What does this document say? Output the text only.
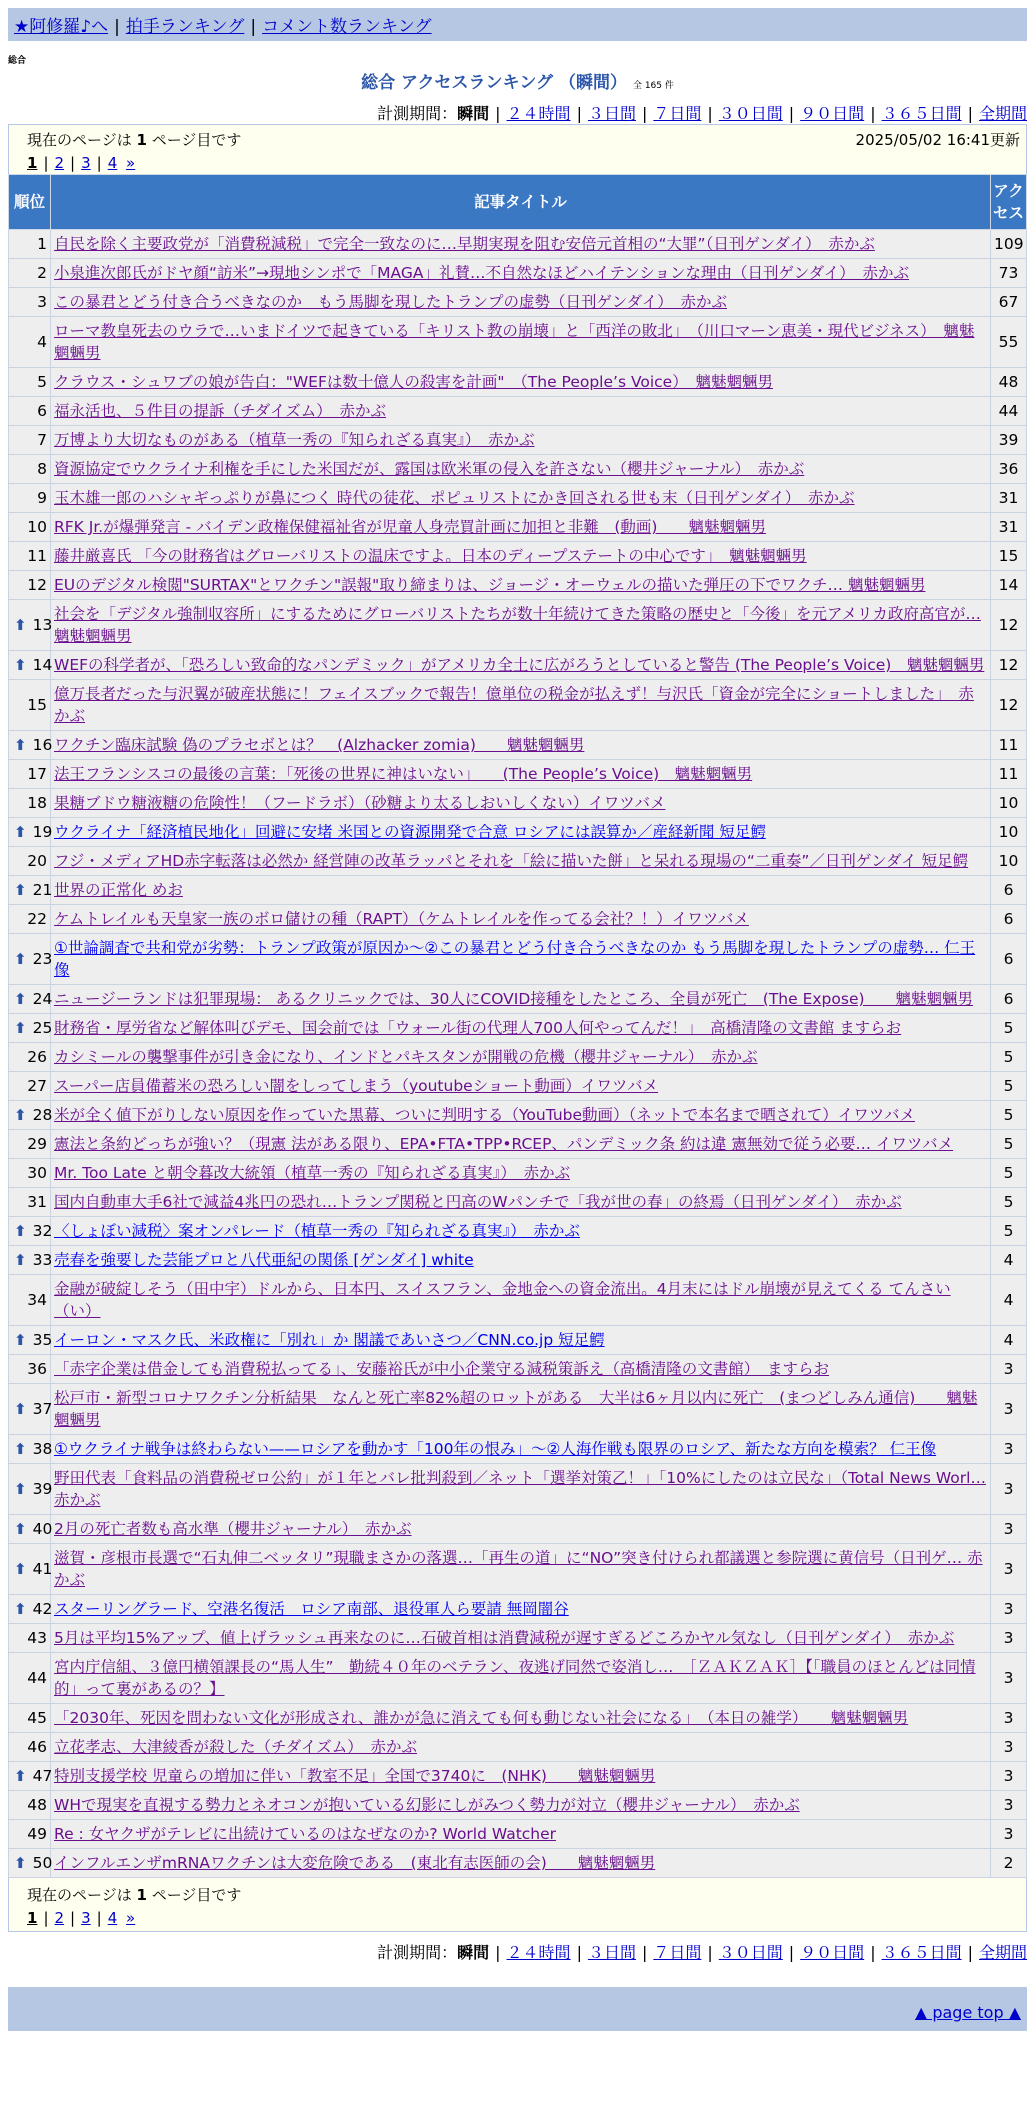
★阿修羅♪へ | 拍手ランキング | コメント数ランキング
総合
総合 アクセスランキング （瞬間） 全 165 件
計測期間：瞬間 | ２４時間 | ３日間 | ７日間 | ３０日間 | ９０日間 | ３６５日間 | 全期間
現在のページは 1 ページ目です	2025/05/02 16:41更新
1 | 2 | 3 | 4 »
順位	記事タイトル	アクセス
1	自民を除く主要政党が「消費税減税」で完全一致なのに…早期実現を阻む安倍元首相の“大罪”（日刊ゲンダイ）　赤かぶ	109
2	小泉進次郎氏がドヤ顔“訪米”→現地シンポで「MAGA」礼賛…不自然なほどハイテンションな理由（日刊ゲンダイ）　赤かぶ	73
3	この暴君とどう付き合うべきなのか　もう馬脚を現したトランプの虚勢（日刊ゲンダイ）　赤かぶ	67
4	ローマ教皇死去のウラで…いまドイツで起きている「キリスト教の崩壊」と「西洋の敗北」　（川口マーン恵美・現代ビジネス）　魑魅魍魎男	55
5	クラウス・シュワブの娘が告白："WEFは数十億人の殺害を計画"　（The People’s Voice）　魑魅魍魎男	48
6	福永活也、５件目の提訴（チダイズム）　赤かぶ	44
7	万博より大切なものがある（植草一秀の『知られざる真実』）　赤かぶ	39
8	資源協定でウクライナ利権を手にした米国だが、露国は欧米軍の侵入を許さない（櫻井ジャーナル）　赤かぶ	36
9	玉木雄一郎のハシャギっぷりが鼻につく 時代の徒花、ポピュリストにかき回される世も末（日刊ゲンダイ）　赤かぶ	31
10	RFK Jr.が爆弾発言 - バイデン政権保健福祉省が児童人身売買計画に加担と非難　(動画)　　魑魅魍魎男	31
11	藤井厳喜氏 「今の財務省はグローバリストの温床ですよ。日本のディープステートの中心です」　魑魅魍魎男	15
12	EUのデジタル検閲"SURTAX"とワクチン"誤報"取り締まりは、ジョージ・オーウェルの描いた弾圧の下でワクチ… 魑魅魍魎男	14

⬆ 13	社会を「デジタル強制収容所」にするためにグローバリストたちが数十年続けてきた策略の歴史と「今後」を元アメリカ政府高官が… 魑魅魍魎男	12

⬆ 14	WEFの科学者が、「恐ろしい致命的なパンデミック」がアメリカ全土に広がろうとしていると警告 (The People’s Voice)　魑魅魍魎男	12
15	億万長者だった与沢翼が破産状態に！フェイスブックで報告！億単位の税金が払えず！与沢氏「資金が完全にショートしました」　赤かぶ	12

⬆ 16	ワクチン臨床試験 偽のプラセボとは？　(Alzhacker zomia)　　魑魅魍魎男	11
17	法王フランシスコの最後の言葉：「死後の世界に神はいない」　　(The People’s Voice)　魑魅魍魎男	11
18	果糖ブドウ糖液糖の危険性！（フードラボ）（砂糖より太るしおいしくない）イワツバメ	10

⬆ 19	ウクライナ「経済植民地化」回避に安堵 米国との資源開発で合意 ロシアには誤算か／産経新聞 短足鰐	10
20	フジ・メディアHD赤字転落は必然か 経営陣の改革ラッパとそれを「絵に描いた餅」と呆れる現場の“二重奏”／日刊ゲンダイ 短足鰐	10

⬆ 21	世界の正常化 めお	6
22	ケムトレイルも天皇家一族のボロ儲けの種（RAPT）（ケムトレイルを作ってる会社？！）イワツバメ	6

⬆ 23	①世論調査で共和党が劣勢：トランプ政策が原因か～②この暴君とどう付き合うべきなのか もう馬脚を現したトランプの虚勢… 仁王像	6

⬆ 24	ニュージーランドは犯罪現場： あるクリニックでは、30人にCOVID接種をしたところ、全員が死亡　(The Expose)　　魑魅魍魎男	6

⬆ 25	財務省・厚労省など解体叫びデモ、国会前では「ウォール街の代理人700人何やってんだ！」　高橋清隆の文書館 ますらお	5
26	カシミールの襲撃事件が引き金になり、インドとパキスタンが開戦の危機（櫻井ジャーナル）　赤かぶ	5
27	スーパー店員備蓄米の恐ろしい闇をしってしまう（youtubeショート動画）イワツバメ	5

⬆ 28	米が全く値下がりしない原因を作っていた黒幕、ついに判明する（YouTube動画）（ネットで本名まで晒されて）イワツバメ	5
29	憲法と条約どっちが強い？（現憲 法がある限り、EPA•FTA•TPP•RCEP、パンデミック条 約は違 憲無効で従う必要… イワツバメ	5
30	Mr. Too Late と朝令暮改大統領（植草一秀の『知られざる真実』）　赤かぶ	5
31	国内自動車大手6社で減益4兆円の恐れ…トランプ関税と円高のWパンチで「我が世の春」の終焉（日刊ゲンダイ）　赤かぶ	5

⬆ 32	〈しょぼい減税〉案オンパレード（植草一秀の『知られざる真実』）　赤かぶ	5

⬆ 33	売春を強要した芸能プロと八代亜紀の関係 [ゲンダイ] white	4
34	金融が破綻しそう（田中宇）ドルから、日本円、スイスフラン、金地金への資金流出。4月末にはドル崩壊が見えてくる てんさい（い）	4

⬆ 35	イーロン・マスク氏、米政権に「別れ」か 閣議であいさつ／CNN.co.jp 短足鰐	4
36	「赤字企業は借金しても消費税払ってる」、安藤裕氏が中小企業守る減税策訴え（高橋清隆の文書館）　ますらお	3

⬆ 37	松戸市・新型コロナワクチン分析結果　なんと死亡率82%超のロットがある　大半は6ヶ月以内に死亡　(まつどしみん通信)　　魑魅魍魎男	3

⬆ 38	①ウクライナ戦争は終わらない——ロシアを動かす「100年の恨み」～②人海作戦も限界のロシア、新たな方向を模索？ 仁王像	3

⬆ 39	野田代表「食料品の消費税ゼロ公約」が１年とバレ批判殺到／ネット「選挙対策乙！」「10%にしたのは立民な」（Total News Worl… 赤かぶ	3

⬆ 40	2月の死亡者数も高水準（櫻井ジャーナル）　赤かぶ	3

⬆ 41	滋賀・彦根市長選で“石丸伸二ベッタリ”現職まさかの落選…「再生の道」に“NO”突き付けられ都議選と参院選に黄信号（日刊ゲ… 赤かぶ	3

⬆ 42	スターリングラード、空港名復活　ロシア南部、退役軍人ら要請 無岡闇谷	3
43	5月は平均15%アップ、値上げラッシュ再来なのに…石破首相は消費減税が遅すぎるどころかヤル気なし（日刊ゲンダイ）　赤かぶ	3
44	宮内庁信組、３億円横領課長の“馬人生”　勤続４０年のベテラン、夜逃げ同然で姿消し…　［ＺＡＫＺＡＫ］【「職員のほとんどは同情的」って裏があるの？】	3
45	「2030年、死因を問わない文化が形成され、誰かが急に消えても何も動じない社会になる」　（本日の雑学）　　魑魅魍魎男	3
46	立花孝志、大津綾香が殺した（チダイズム）　赤かぶ	3

⬆ 47	特別支援学校 児童らの増加に伴い「教室不足」全国で3740に　(NHK)　　魑魅魍魎男	3
48	WHで現実を直視する勢力とネオコンが抱いている幻影にしがみつく勢力が対立（櫻井ジャーナル）　赤かぶ	3
49	Re : 女ヤクザがテレビに出続けているのはなぜなのか? World Watcher	3

⬆ 50	インフルエンザmRNAワクチンは大変危険である　(東北有志医師の会)　　魑魅魍魎男	2
現在のページは 1 ページ目です
1 | 2 | 3 | 4 »
計測期間：瞬間 | ２４時間 | ３日間 | ７日間 | ３０日間 | ９０日間 | ３６５日間 | 全期間
▲ page top ▲
